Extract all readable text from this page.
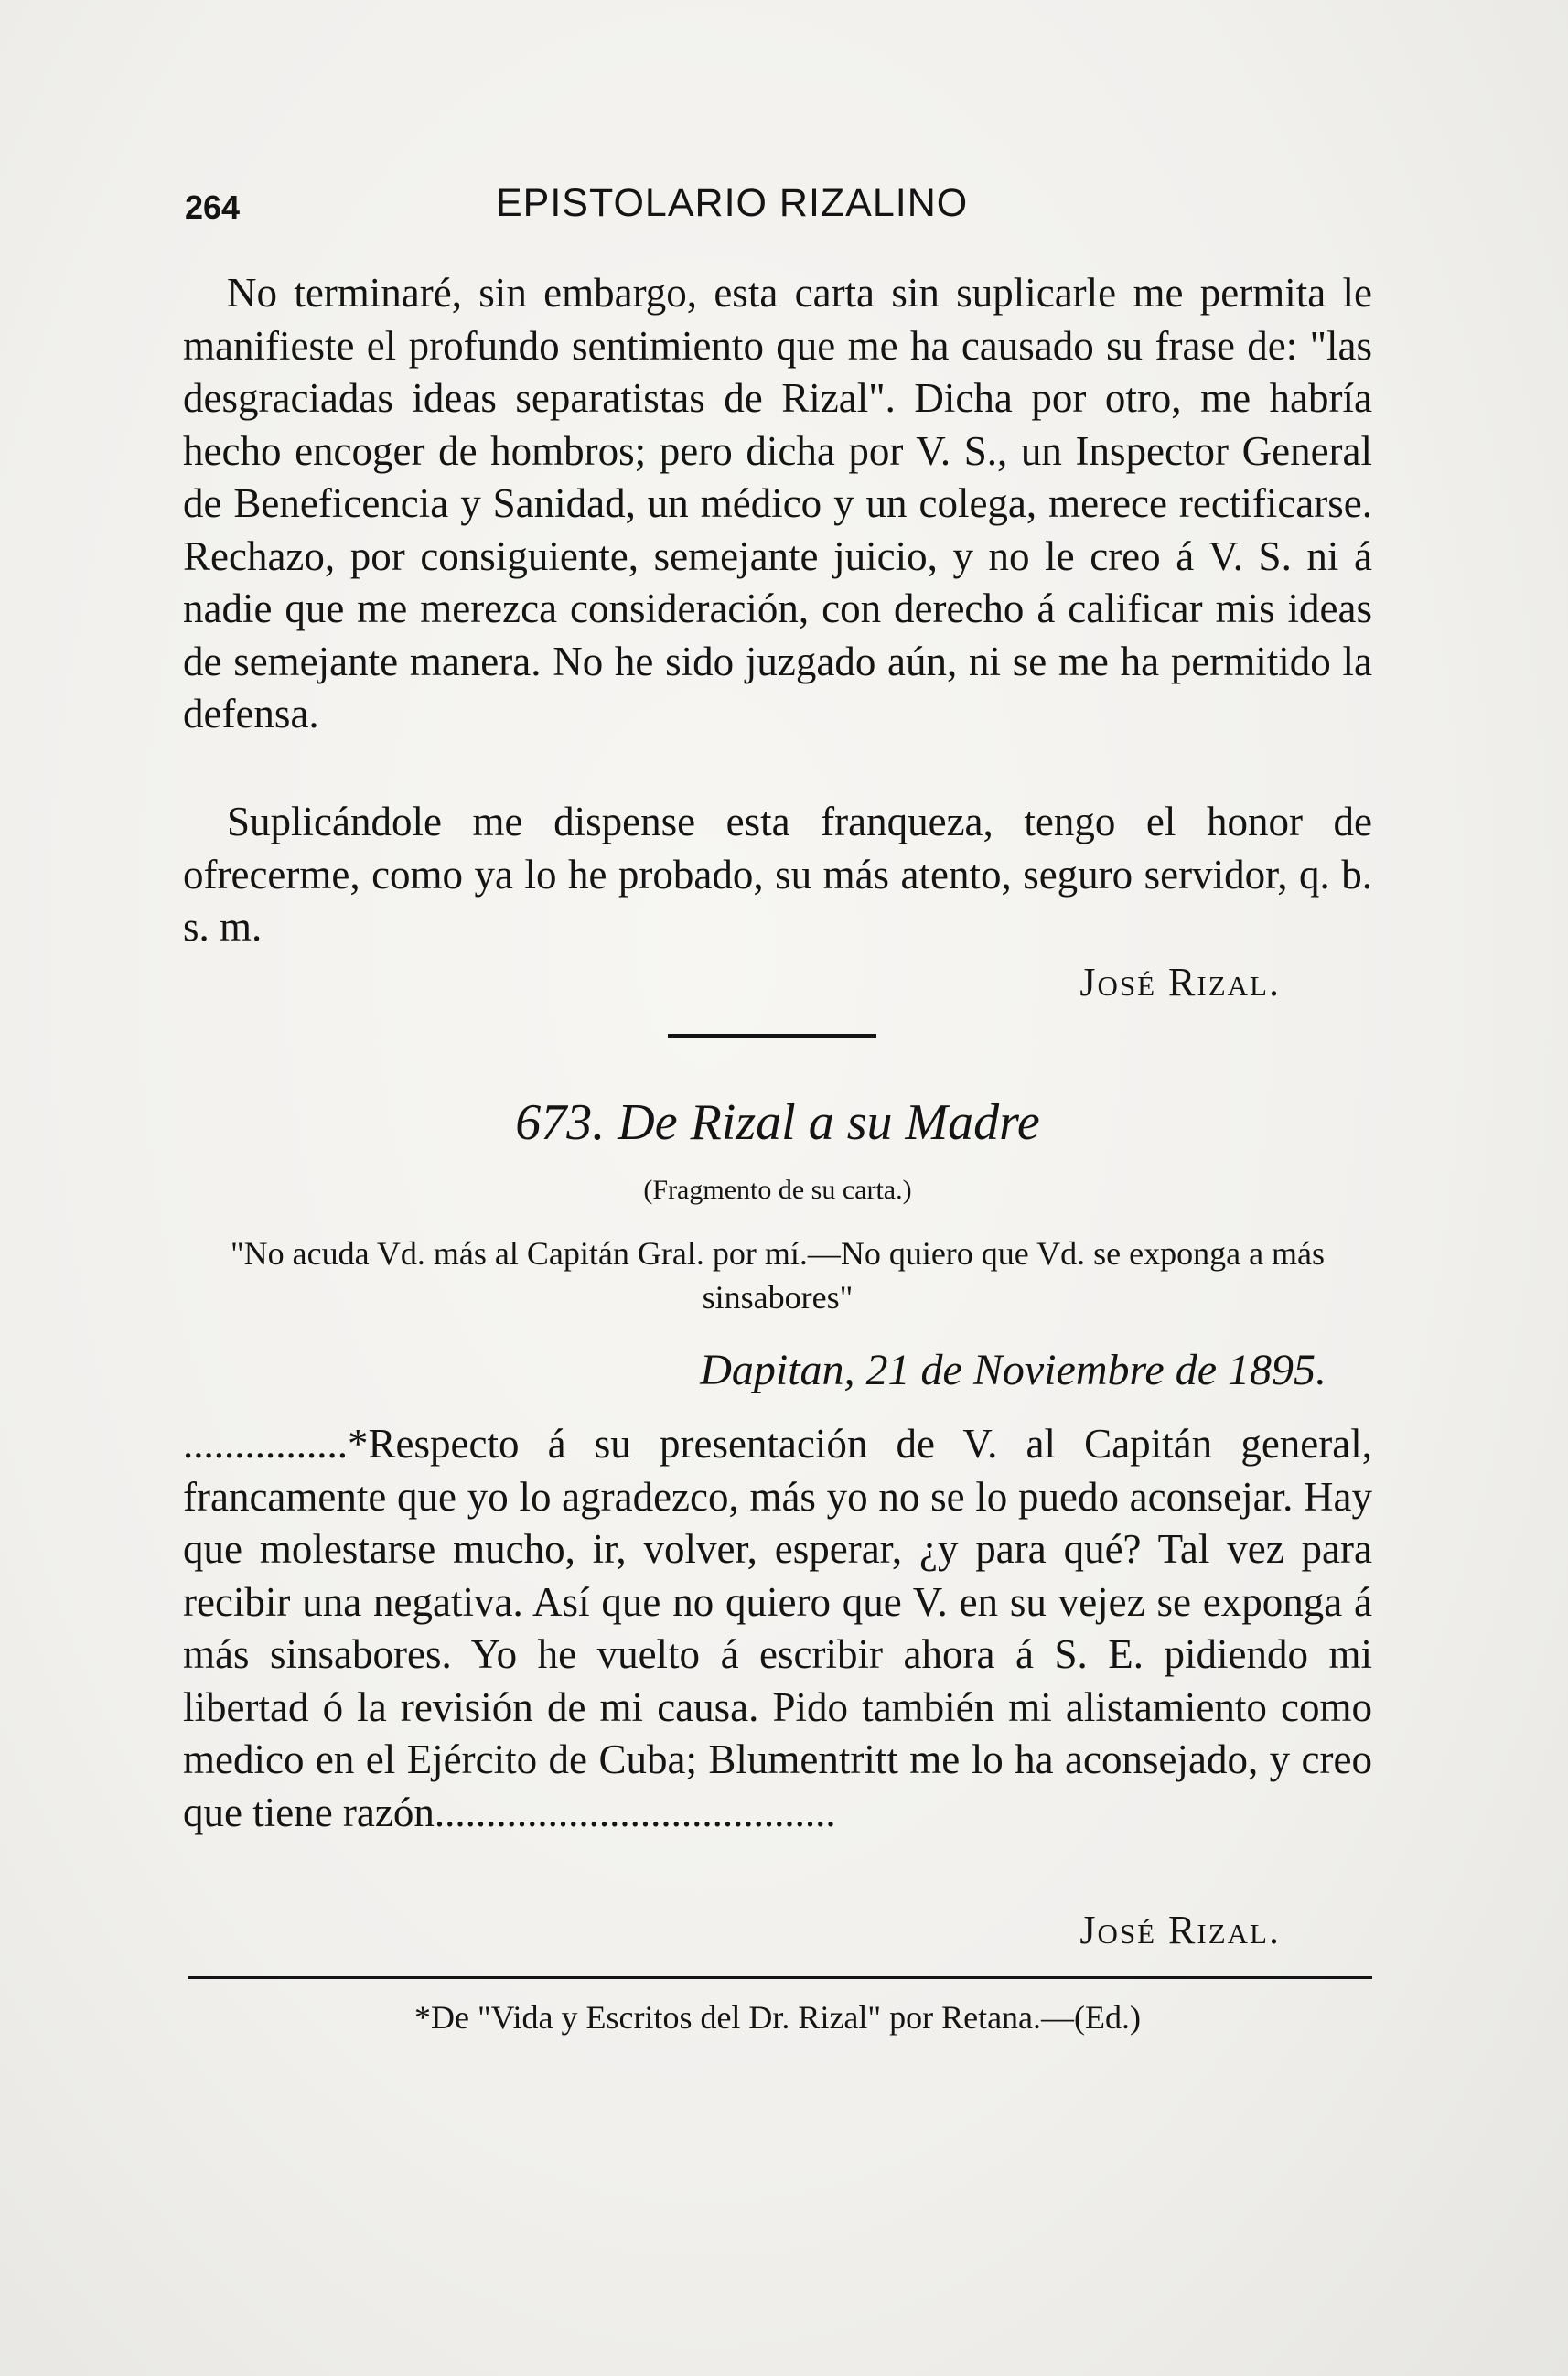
264	EPISTOLARIO RIZALINO

No terminaré, sin embargo, esta carta sin suplicarle me permita le manifieste el profundo sentimiento que me ha causado su frase de: "las desgraciadas ideas separatistas de Rizal". Dicha por otro, me habría hecho encoger de hombros; pero dicha por V. S., un Inspector General de Beneficencia y Sanidad, un médico y un colega, merece rectificarse. Rechazo, por consiguiente, semejante juicio, y no le creo á V. S. ni á nadie que me merezca consideración, con derecho á calificar mis ideas de semejante manera. No he sido juzgado aún, ni se me ha permitido la defensa.

Suplicándole me dispense esta franqueza, tengo el honor de ofrecerme, como ya lo he probado, su más atento, seguro servidor, q. b. s. m.

José Rizal.
673. De Rizal a su Madre
(Fragmento de su carta.)
"No acuda Vd. más al Capitán Gral. por mí.—No quiero que Vd. se exponga a más sinsabores"
Dapitan, 21 de Noviembre de 1895.

................*Respecto á su presentación de V. al Capitán general, francamente que yo lo agradezco, más yo no se lo puedo aconsejar. Hay que molestarse mucho, ir, volver, esperar, ¿y para qué? Tal vez para recibir una negativa. Así que no quiero que V. en su vejez se exponga á más sinsabores. Yo he vuelto á escribir ahora á S. E. pidiendo mi libertad ó la revisión de mi causa. Pido también mi alistamiento como medico en el Ejército de Cuba; Blumentritt me lo ha aconsejado, y creo que tiene razón.......................................

José Rizal.
*De "Vida y Escritos del Dr. Rizal" por Retana.—(Ed.)
